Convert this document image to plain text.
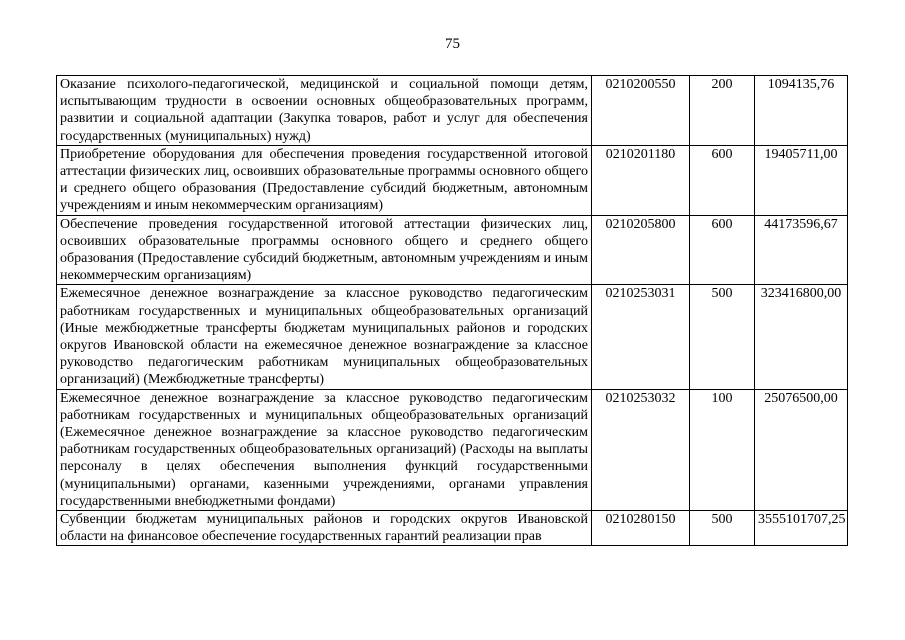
75
Оказание психолого-педагогической, медицинской и социальной помощи детям, испытывающим трудности в освоении основных общеобразовательных программ, развитии и социальной адаптации (Закупка товаров, работ и услуг для обеспечения государственных (муниципальных) нужд)	0210200550	200	1094135,76
Приобретение оборудования для обеспечения проведения государственной итоговой аттестации физических лиц, освоивших образовательные программы основного общего и среднего общего образования (Предоставление субсидий бюджетным, автономным учреждениям и иным некоммерческим организациям)	0210201180	600	19405711,00
Обеспечение проведения государственной итоговой аттестации физических лиц, освоивших образовательные программы основного общего и среднего общего образования (Предоставление субсидий бюджетным, автономным учреждениям и иным некоммерческим организациям)	0210205800	600	44173596,67
Ежемесячное денежное вознаграждение за классное руководство педагогическим работникам государственных и муниципальных общеобразовательных организаций (Иные межбюджетные трансферты бюджетам муниципальных районов и городских округов Ивановской области на ежемесячное денежное вознаграждение за классное руководство педагогическим работникам муниципальных общеобразовательных организаций) (Межбюджетные трансферты)	0210253031	500	323416800,00
Ежемесячное денежное вознаграждение за классное руководство педагогическим работникам государственных и муниципальных общеобразовательных организаций (Ежемесячное денежное вознаграждение за классное руководство педагогическим работникам государственных общеобразовательных организаций) (Расходы на выплаты персоналу в целях обеспечения выполнения функций государственными (муниципальными) органами, казенными учреждениями, органами управления государственными внебюджетными фондами)	0210253032	100	25076500,00
Субвенции бюджетам муниципальных районов и городских округов Ивановской области на финансовое обеспечение государственных гарантий реализации прав	0210280150	500	3555101707,25
